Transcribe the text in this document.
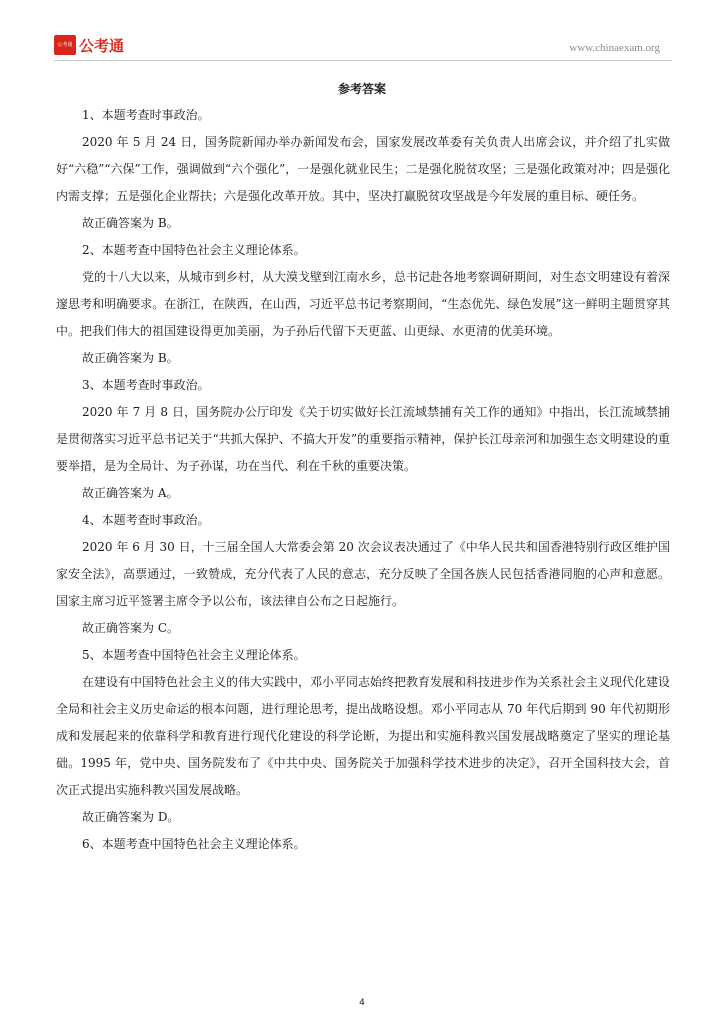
公考通 公考通	www.chinaexam.org
参考答案

1、本题考查时事政治。

2020 年 5 月 24 日，国务院新闻办举办新闻发布会，国家发展改革委有关负责人出席会议，并介绍了扎实做好“六稳”“六保”工作，强调做到“六个强化”，一是强化就业民生；二是强化脱贫攻坚；三是强化政策对冲；四是强化内需支撑；五是强化企业帮扶；六是强化改革开放。其中，坚决打赢脱贫攻坚战是今年发展的重目标、硬任务。

故正确答案为 B。

2、本题考查中国特色社会主义理论体系。

党的十八大以来，从城市到乡村，从大漠戈壁到江南水乡，总书记赴各地考察调研期间，对生态文明建设有着深邃思考和明确要求。在浙江，在陕西，在山西，习近平总书记考察期间，“生态优先、绿色发展”这一鲜明主题贯穿其中。把我们伟大的祖国建设得更加美丽，为子孙后代留下天更蓝、山更绿、水更清的优美环境。

故正确答案为 B。

3、本题考查时事政治。

2020 年 7 月 8 日，国务院办公厅印发《关于切实做好长江流域禁捕有关工作的通知》中指出，长江流域禁捕是贯彻落实习近平总书记关于“共抓大保护、不搞大开发”的重要指示精神，保护长江母亲河和加强生态文明建设的重要举措，是为全局计、为子孙谋，功在当代、利在千秋的重要决策。

故正确答案为 A。

4、本题考查时事政治。

2020 年 6 月 30 日，十三届全国人大常委会第 20 次会议表决通过了《中华人民共和国香港特别行政区维护国家安全法》，高票通过，一致赞成，充分代表了人民的意志，充分反映了全国各族人民包括香港同胞的心声和意愿。国家主席习近平签署主席令予以公布，该法律自公布之日起施行。

故正确答案为 C。

5、本题考查中国特色社会主义理论体系。

在建设有中国特色社会主义的伟大实践中，邓小平同志始终把教育发展和科技进步作为关系社会主义现代化建设全局和社会主义历史命运的根本问题，进行理论思考，提出战略设想。邓小平同志从 70 年代后期到 90 年代初期形成和发展起来的依靠科学和教育进行现代化建设的科学论断，为提出和实施科教兴国发展战略奠定了坚实的理论基础。1995 年，党中央、国务院发布了《中共中央、国务院关于加强科学技术进步的决定》，召开全国科技大会，首次正式提出实施科教兴国发展战略。

故正确答案为 D。

6、本题考查中国特色社会主义理论体系。

4
